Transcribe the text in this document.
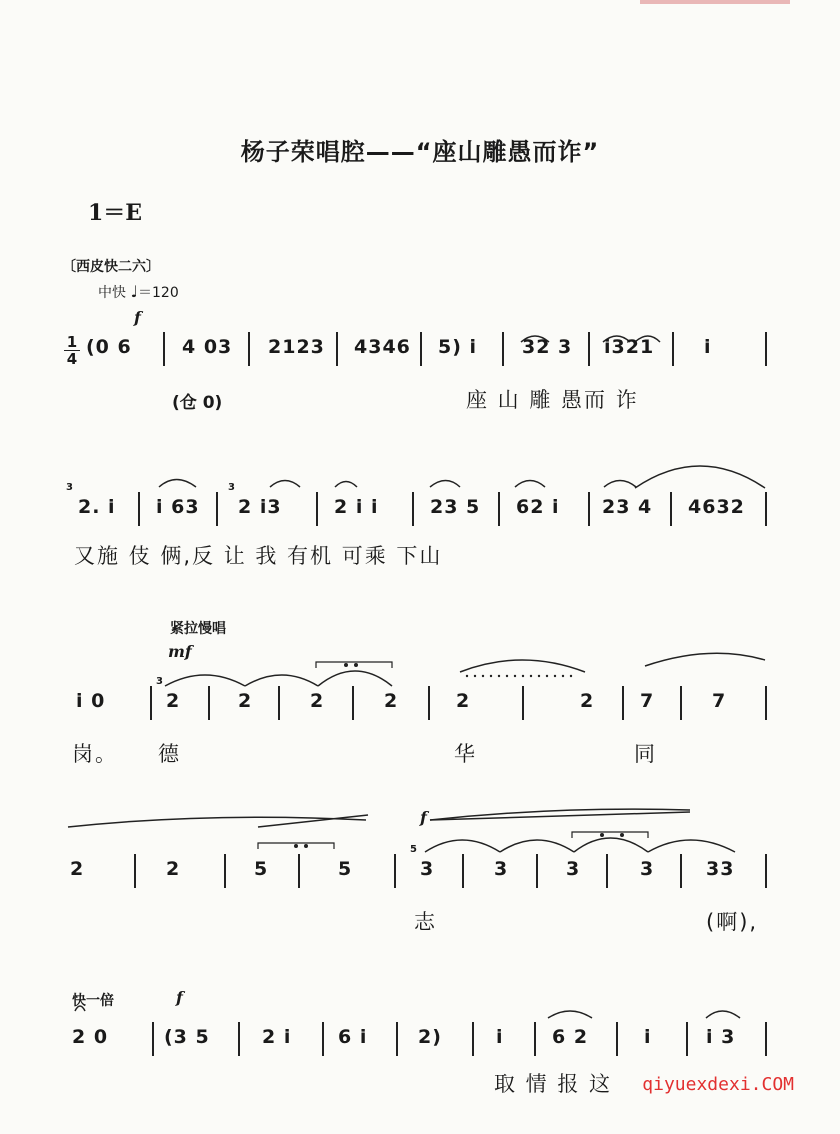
杨子荣唱腔——“座山雕愚而诈”
1＝E
〔西皮快二六〕
中快 ♩＝120
f
1
4
(0 6	4 03 2123 4346 5) i 32 3 i321	i
(仓 0)	座 山 雕 愚而 诈
3
2. i i 63
3
2 i3	2 i i	23 5 62 i 23 4 4632
又施 伎 俩,反 让 我 有机 可乘 下山
紧拉慢唱
mf
i 0
3
2	2	2	2	2	2 7	7
岗。 德	华	同
f
2	2	5	5
5
3	3	3	3	33
志	(啊),
快一倍	f
2 0	(3 5	2 i 6 i	2)	i	6 2	i	i 3
取 情 报 这 qiyuexdexi.COM
